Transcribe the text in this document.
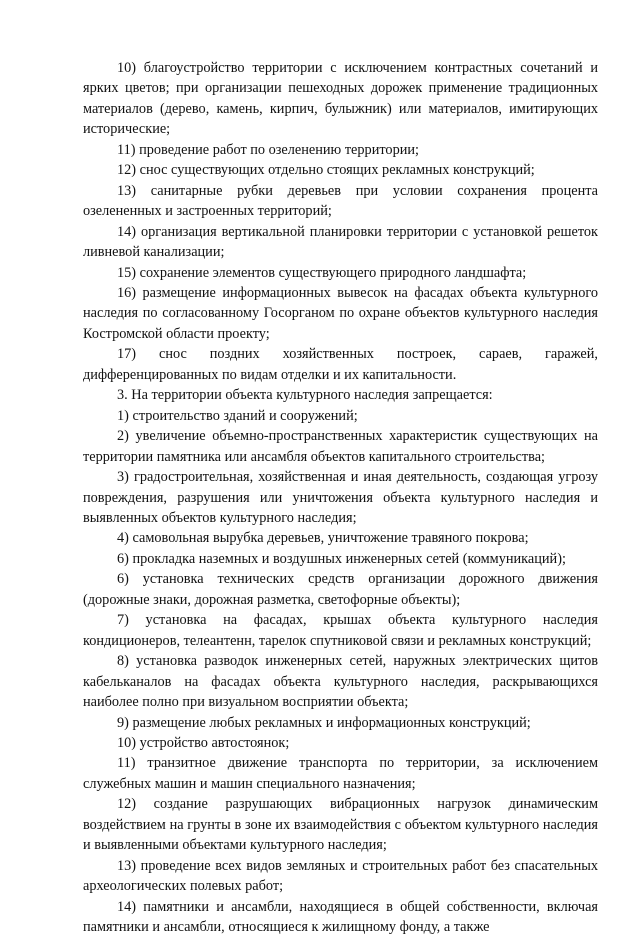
10) благоустройство территории с исключением контрастных сочетаний и ярких цветов; при организации пешеходных дорожек применение традиционных материалов (дерево, камень, кирпич, булыжник) или материалов, имитирующих исторические;

11) проведение работ по озеленению территории;

12) снос существующих отдельно стоящих рекламных конструкций;

13) санитарные рубки деревьев при условии сохранения процента озелененных и застроенных территорий;

14) организация вертикальной планировки территории с установкой решеток ливневой канализации;

15) сохранение элементов существующего природного ландшафта;

16) размещение информационных вывесок на фасадах объекта культурного наследия по согласованному Госорганом по охране объектов культурного наследия Костромской области проекту;

17) снос поздних хозяйственных построек, сараев, гаражей, дифференцированных по видам отделки и их капитальности.

3. На территории объекта культурного наследия запрещается:

1) строительство зданий и сооружений;

2) увеличение объемно-пространственных характеристик существующих на территории памятника или ансамбля объектов капитального строительства;

3) градостроительная, хозяйственная и иная деятельность, создающая угрозу повреждения, разрушения или уничтожения объекта культурного наследия и выявленных объектов культурного наследия;

4) самовольная вырубка деревьев, уничтожение травяного покрова;

6) прокладка наземных и воздушных инженерных сетей (коммуникаций);

6) установка технических средств организации дорожного движения (дорожные знаки, дорожная разметка, светофорные объекты);

7) установка на фасадах, крышах объекта культурного наследия кондиционеров, телеантенн, тарелок спутниковой связи и рекламных конструкций;

8) установка разводок инженерных сетей, наружных электрических щитов кабельканалов на фасадах объекта культурного наследия, раскрывающихся наиболее полно при визуальном восприятии объекта;

9) размещение любых рекламных и информационных конструкций;

10) устройство автостоянок;

11) транзитное движение транспорта по территории, за исключением служебных машин и машин специального назначения;

12) создание разрушающих вибрационных нагрузок динамическим воздействием на грунты в зоне их взаимодействия с объектом культурного наследия и выявленными объектами культурного наследия;

13) проведение всех видов земляных и строительных работ без спасательных археологических полевых работ;

14) памятники и ансамбли, находящиеся в общей собственности, включая памятники и ансамбли, относящиеся к жилищному фонду, а также
